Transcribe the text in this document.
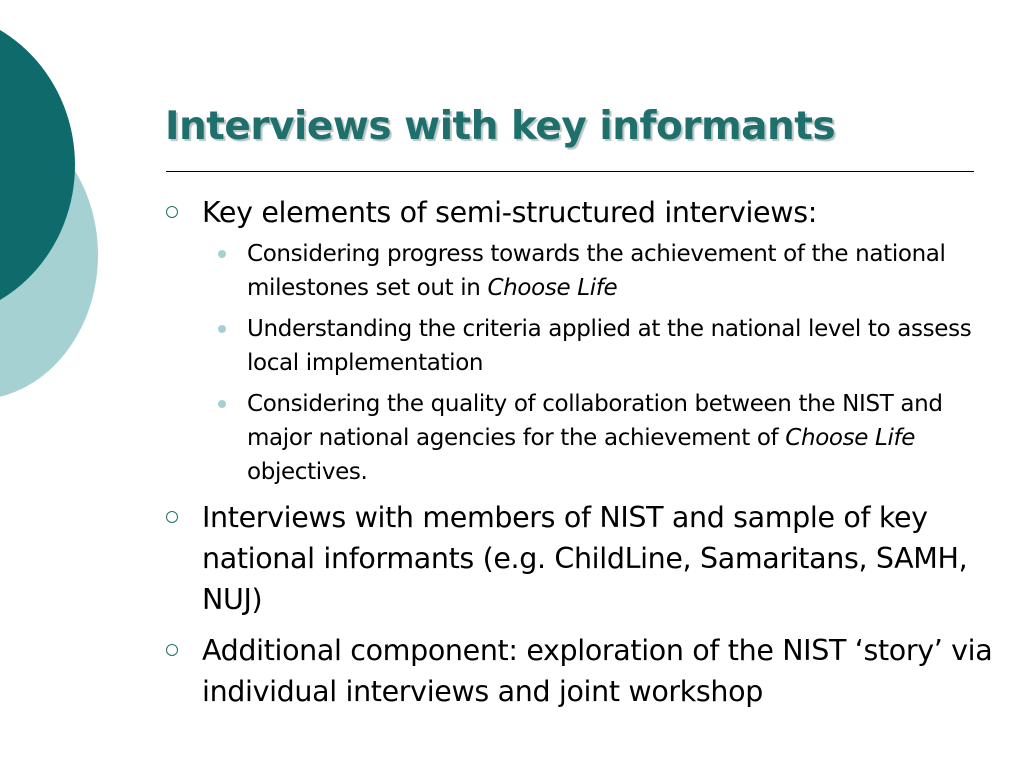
Interviews with key informants
Key elements of semi-structured interviews:
Considering progress towards the achievement of the national milestones set out in Choose Life
Understanding the criteria applied at the national level to assess local implementation
Considering the quality of collaboration between the NIST and major national agencies for the achievement of Choose Life objectives.
Interviews with members of NIST and sample of key national informants (e.g. ChildLine, Samaritans, SAMH, NUJ)
Additional component: exploration of the NIST ‘story’ via individual interviews and joint workshop
